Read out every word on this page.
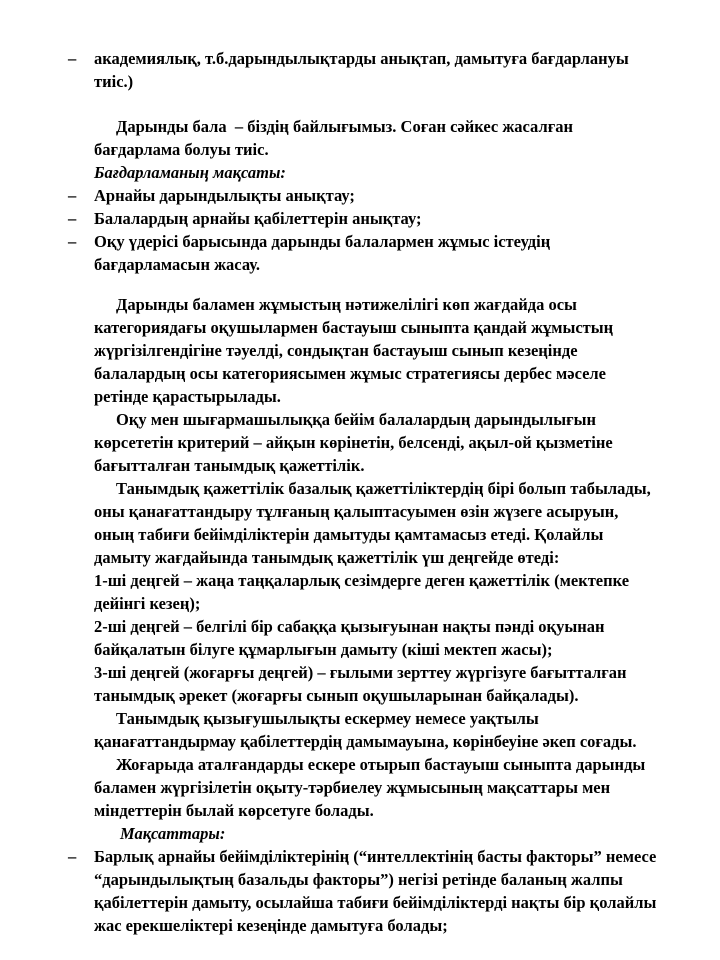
– академиялық, т.б.дарындылықтарды анықтап, дамытуға бағдарлануы тиіс.)

Дарынды бала  – біздің байлығымыз. Соған сәйкес жасалған бағдарлама болуы тиіс.

Бағдарламаның мақсаты:

– Арнайы дарындылықты анықтау;
– Балалардың арнайы қабілеттерін анықтау;
– Оқу үдерісі барысында дарынды балалармен жұмыс істеудің бағдарламасын жасау.

Дарынды баламен жұмыстың нәтижелілігі көп жағдайда осы категориядағы оқушылармен бастауыш сыныпта қандай жұмыстың жүргізілгендігіне тәуелді, сондықтан бастауыш сынып кезеңінде балалардың осы категориясымен жұмыс стратегиясы дербес мәселе ретінде қарастырылады.

Оқу мен шығармашылыққа бейім балалардың дарындылығын көрсететін критерий – айқын көрінетін, белсенді, ақыл-ой қызметіне бағытталған танымдық қажеттілік.

Танымдық қажеттілік базалық қажеттіліктердің бірі болып табылады, оны қанағаттандыру тұлғаның қалыптасуымен өзін жүзеге асыруын, оның табиғи бейімділіктерін дамытуды қамтамасыз етеді. Қолайлы дамыту жағдайында танымдық қажеттілік үш деңгейде өтеді:

1-ші деңгей – жаңа таңқаларлық сезімдерге деген қажеттілік (мектепке дейінгі кезең);

2-ші деңгей – белгілі бір сабаққа қызығуынан нақты пәнді оқуынан байқалатын білуге құмарлығын дамыту (кіші мектеп жасы);

3-ші деңгей (жоғарғы деңгей) – ғылыми зерттеу жүргізуге бағытталған танымдық әрекет (жоғарғы сынып оқушыларынан байқалады).

Танымдық қызығушылықты ескермеу немесе уақтылы қанағаттандырмау қабілеттердің дамымауына, көрінбеуіне әкеп соғады.

Жоғарыда аталғандарды ескере отырып бастауыш сыныпта дарынды баламен жүргізілетін оқыту-тәрбиелеу жұмысының мақсаттары мен міндеттерін былай көрсетуге болады.

Мақсаттары:

– Барлық арнайы бейімділіктерінің (“интеллектінің басты факторы” немесе “дарындылықтың базальды факторы”) негізі ретінде баланың жалпы қабілеттерін дамыту, осылайша табиғи бейімділіктерді нақты бір қолайлы жас ерекшеліктері кезеңінде дамытуға болады;
